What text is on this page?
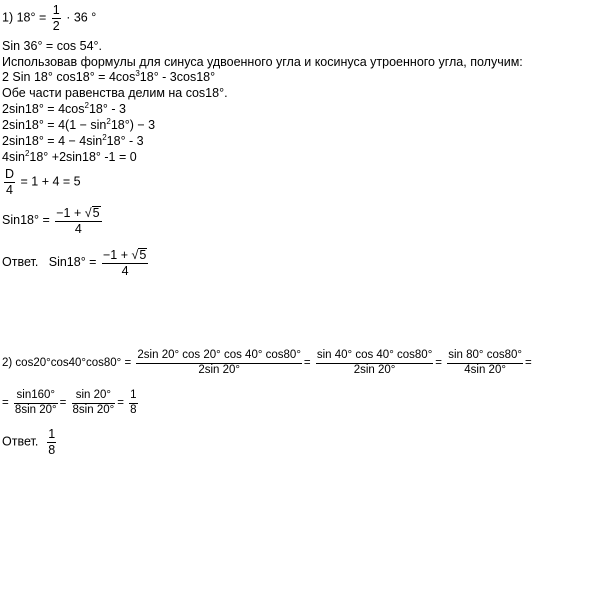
1) $18^\circ = \frac{1}{2} \cdot 36$ °
Sin 36° = cos 54°.
Использовав формулы для синуса удвоенного угла и косинуса утроенного угла, получим:
2 Sin 18° $\cos 18^\circ = 4\cos^318^\circ - 3\cos 18^\circ$
Обе части равенства делим на cos18°.
$2\sin 18^\circ = 4\cos^218^\circ - 3$
$2\sin 18^\circ = 4(1 - \sin^218^\circ) - 3$
$2\sin 18^\circ = 4 - 4\sin^218^\circ - 3$
$4\sin^218^\circ +2\sin 18^\circ$ -1 = 0
$\frac{D}{4} = 1 + 4 = 5$
$Sin18^\circ = \frac{-1 + √5}{4}$
Ответ. $Sin18^\circ = \frac{-1 + √5}{4}$
2) $\cos 20^\circ\cos 40^\circ\cos 80^\circ = \frac{2\sin 20^\circ \cos 20^\circ \cos 40^\circ \cos 80^\circ}{2\sin 20^\circ} = \frac{\sin 40^\circ \cos 40^\circ \cos 80^\circ}{2\sin 20^\circ} = \frac{\sin 80^\circ \cos 80^\circ}{4\sin 20^\circ}$ =
= $\frac{\sin 160^\circ}{8\sin 20^\circ} = \frac{\sin 20^\circ}{8\sin 20^\circ} = \frac{1}{8}$
Ответ. $\frac{1}{8}$
